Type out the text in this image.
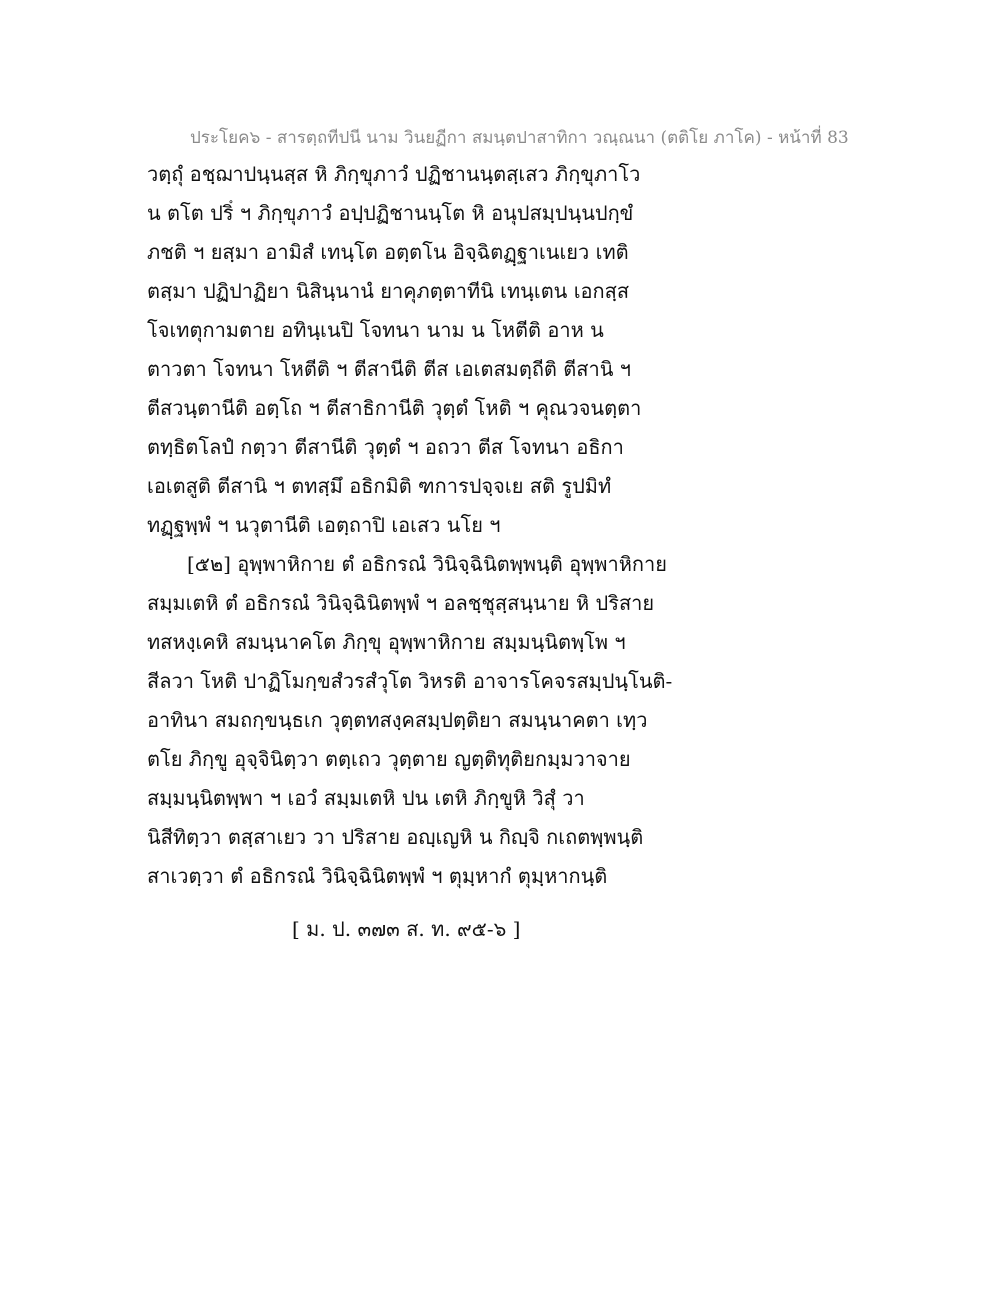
ประโยค๖ - สารตฺถทีปนี นาม วินยฏีกา สมนฺตปาสาทิกา วณฺณนา (ตติโย ภาโค) - หน้าที่ 83
วตฺถุํ อชฺฌาปนฺนสฺส หิ ภิกฺขุภาวํ ปฏิชานนฺตสฺเสว ภิกฺขุภาโว
น ตโต ปริํ ฯ ภิกฺขุภาวํ อปฺปฏิชานนฺโต หิ อนุปสมฺปนฺนปกฺขํ
ภชติ ฯ ยสฺมา อามิสํ เทนฺโต อตฺตโน อิจฺฉิตฏฺฐาเนเยว เทติ
ตสฺมา ปฏิปาฏิยา นิสินฺนานํ ยาคุภตฺตาทีนิ เทนฺเตน เอกสฺส
โจเทตุกามตาย อทินฺเนปิ โจทนา นาม น โหตีติ อาห น
ตาวตา โจทนา โหตีติ ฯ ตีสานีติ ตีส เอเตสมตฺถีติ ตีสานิ ฯ
ตีสวนฺตานีติ อตฺโถ ฯ ตีสาธิกานีติ วุตฺตํ โหติ ฯ คุณวจนตฺตา
ตทฺธิตโลปํ กตฺวา ตีสานีติ วุตฺตํ ฯ อถวา ตีส โจทนา อธิกา
เอเตสูติ ตีสานิ ฯ ตทสฺมึ อธิกมิติ ฑการปจฺจเย สติ รูปมิทํ
ทฏฺฐพฺพํ ฯ นวุตานีติ เอตฺถาปิ เอเสว นโย ฯ
[๕๒] อุพฺพาหิกาย ตํ อธิกรณํ วินิจฺฉินิตพฺพนฺติ อุพฺพาหิกาย
สมฺมเตหิ ตํ อธิกรณํ วินิจฺฉินิตพฺพํ ฯ อลชฺชุสฺสนฺนาย หิ ปริสาย
ทสหงฺเคหิ สมนฺนาคโต ภิกฺขุ อุพฺพาหิกาย สมฺมนฺนิตพฺโพ ฯ
สีลวา โหติ ปาฏิโมกฺขสํวรสํวุโต วิหรติ อาจารโคจรสมฺปนฺโนติ-
อาทินา สมถกฺขนฺธเก วุตฺตทสงฺคสมฺปตฺติยา สมนฺนาคตา เทฺว
ตโย ภิกฺขู อุจฺจินิตฺวา ตตฺเถว วุตฺตาย ญตฺติทุติยกมฺมวาจาย
สมฺมนฺนิตพฺพา ฯ เอวํ สมฺมเตหิ ปน เตหิ ภิกฺขูหิ วิสุํ วา
นิสีทิตฺวา ตสฺสาเยว วา ปริสาย อญฺเญหิ น กิญฺจิ กเถตพฺพนฺติ
สาเวตฺวา ตํ อธิกรณํ วินิจฺฉินิตพฺพํ ฯ ตุมฺหากํ ตุมฺหากนฺติ
[ ม. ป. ๓๗๓ ส. ท. ๙๕-๖ ]
